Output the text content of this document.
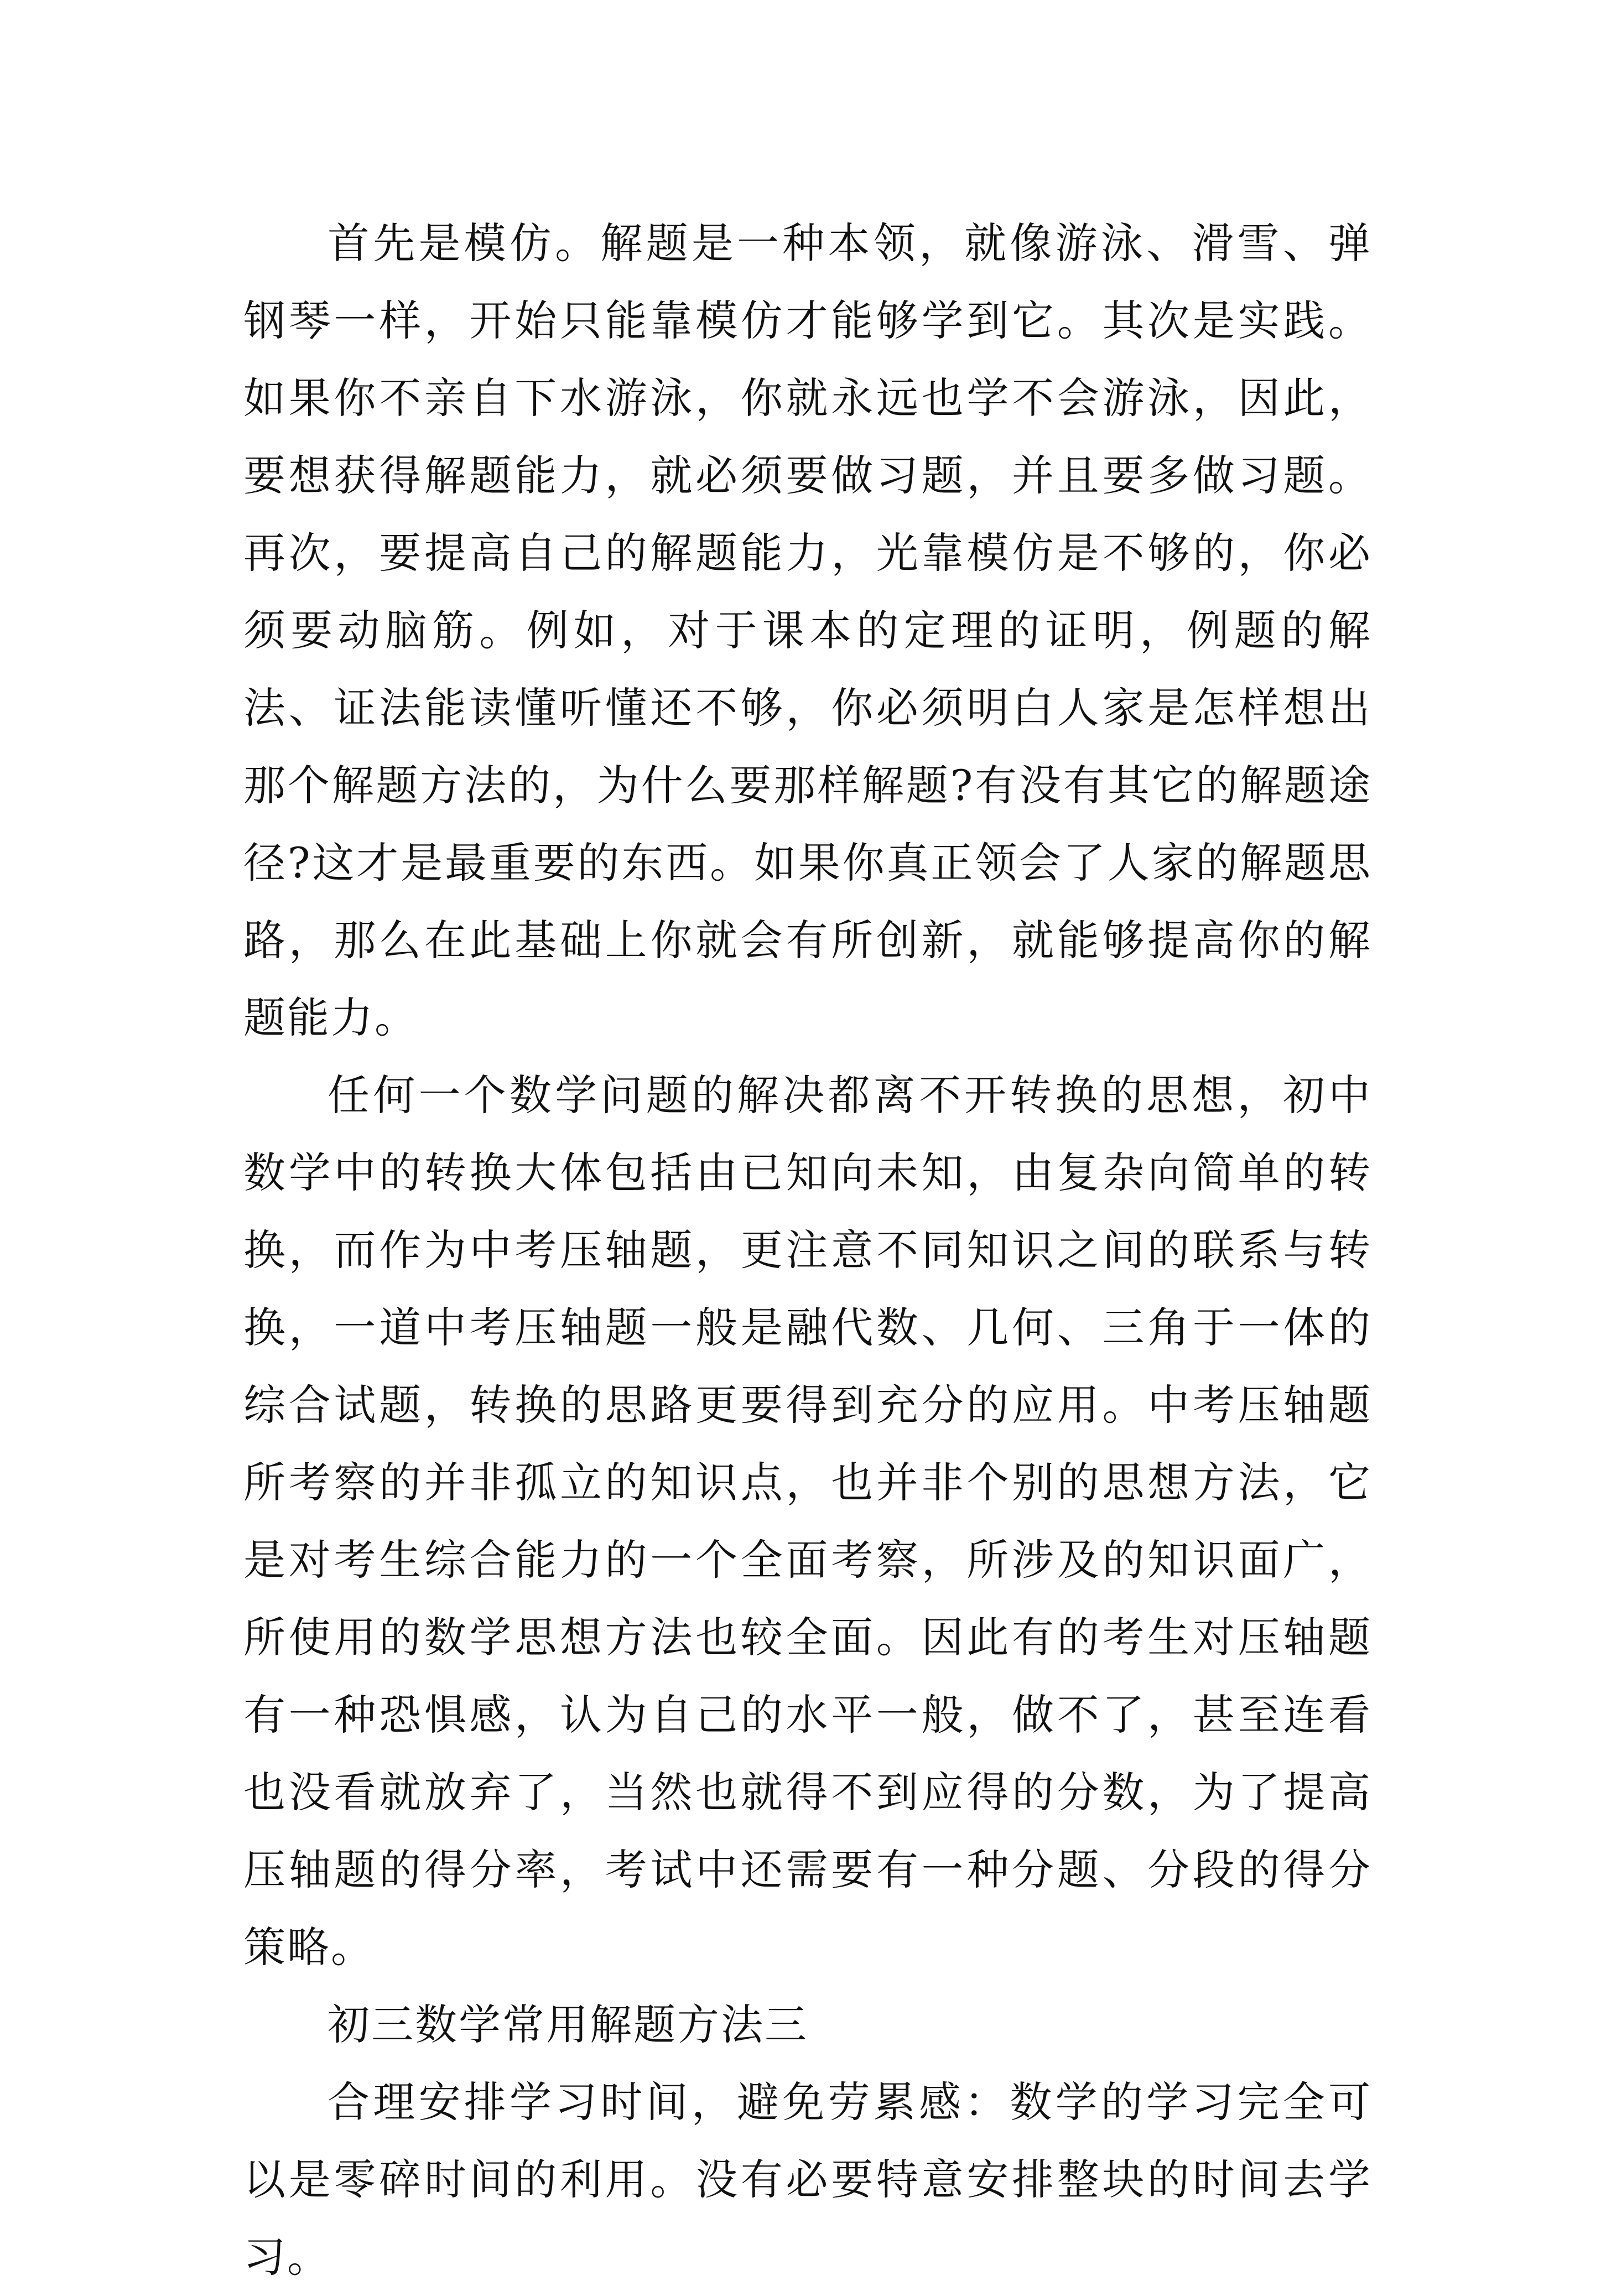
首先是模仿。解题是一种本领，就像游泳、滑雪、弹钢琴一样，开始只能靠模仿才能够学到它。其次是实践。如果你不亲自下水游泳，你就永远也学不会游泳，因此，要想获得解题能力，就必须要做习题，并且要多做习题。再次，要提高自己的解题能力，光靠模仿是不够的，你必须要动脑筋。例如，对于课本的定理的证明，例题的解法、证法能读懂听懂还不够，你必须明白人家是怎样想出那个解题方法的，为什么要那样解题?有没有其它的解题途径?这才是最重要的东西。如果你真正领会了人家的解题思路，那么在此基础上你就会有所创新，就能够提高你的解题能力。

任何一个数学问题的解决都离不开转换的思想，初中数学中的转换大体包括由已知向未知，由复杂向简单的转换，而作为中考压轴题，更注意不同知识之间的联系与转换，一道中考压轴题一般是融代数、几何、三角于一体的综合试题，转换的思路更要得到充分的应用。中考压轴题所考察的并非孤立的知识点，也并非个别的思想方法，它是对考生综合能力的一个全面考察，所涉及的知识面广，所使用的数学思想方法也较全面。因此有的考生对压轴题有一种恐惧感，认为自己的水平一般，做不了，甚至连看也没看就放弃了，当然也就得不到应得的分数，为了提高压轴题的得分率，考试中还需要有一种分题、分段的得分策略。

初三数学常用解题方法三

合理安排学习时间，避免劳累感：数学的学习完全可以是零碎时间的利用。没有必要特意安排整块的时间去学习。
